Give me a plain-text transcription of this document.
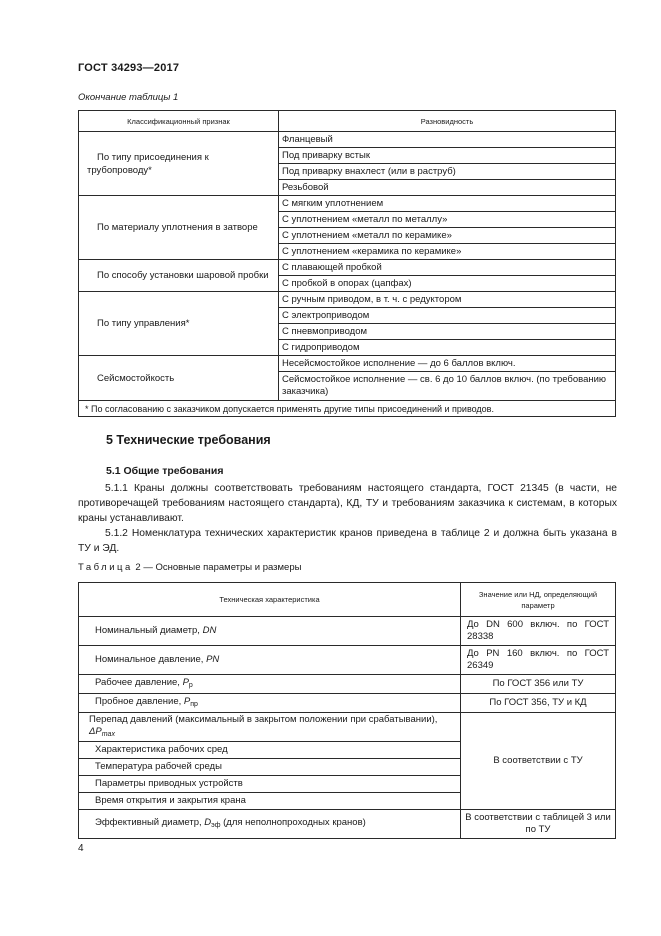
ГОСТ 34293—2017
Окончание таблицы 1
Классификационный признак	Разновидность

По типу присоединения к трубопроводу*	Фланцевый
	Под приварку встык
	Под приварку внахлест (или в раструб)
	Резьбовой

По материалу уплотнения в затворе	С мягким уплотнением
	С уплотнением «металл по металлу»
	С уплотнением «металл по керамике»
	С уплотнением «керамика по керамике»

По способу установки шаровой пробки	С плавающей пробкой
	С пробкой в опорах (цапфах)

По типу управления*	С ручным приводом, в т. ч. с редуктором
	С электроприводом
	С пневмоприводом
	С гидроприводом

Сейсмостойкость	Несейсмостойкое исполнение — до 6 баллов включ.
	Сейсмостойкое исполнение — св. 6 до 10 баллов включ. (по требованию заказчика)
* По согласованию с заказчиком допускается применять другие типы присоединений и приводов.	
5 Технические требования
5.1 Общие требования
5.1.1 Краны должны соответствовать требованиям настоящего стандарта, ГОСТ 21345 (в части, не противоречащей требованиям настоящего стандарта), КД, ТУ и требованиям заказчика к системам, в которых краны устанавливают.
5.1.2 Номенклатура технических характеристик кранов приведена в таблице 2 и должна быть указана в ТУ и ЭД.
Таблица 2 — Основные параметры и размеры
Техническая характеристика	Значение или НД, определяющий параметр
Номинальный диаметр, DN	До DN 600 включ. по ГОСТ 28338
Номинальное давление, PN	До PN 160 включ. по ГОСТ 26349
Рабочее давление, $P_р$	По ГОСТ 356 или ТУ
Пробное давление, $P_{пр}$	По ГОСТ 356, ТУ и КД
Перепад давлений (максимальный в закрытом положении при срабатывании), $\Delta P_{max}$	В соответствии с ТУ
Характеристика рабочих сред	
Температура рабочей среды	
Параметры приводных устройств	
Время открытия и закрытия крана	
Эффективный диаметр, $D_{эф}$ (для неполнопроходных кранов)	В соответствии с таблицей 3 или по ТУ
4
